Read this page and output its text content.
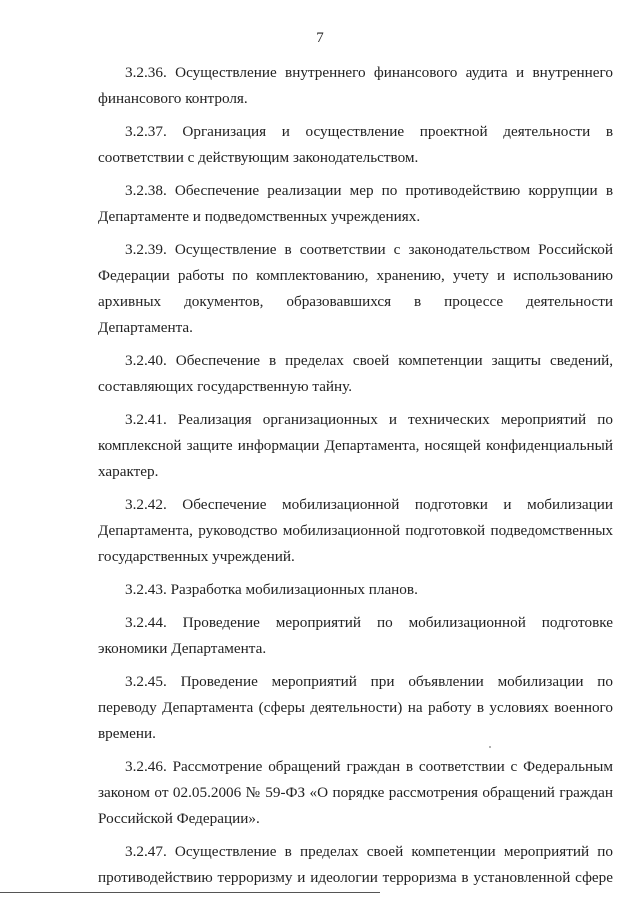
7
3.2.36. Осуществление внутреннего финансового аудита и внутреннего
финансового контроля.
3.2.37. Организация и осуществление проектной деятельности в
соответствии с действующим законодательством.
3.2.38. Обеспечение реализации мер по противодействию коррупции в
Департаменте и подведомственных учреждениях.
3.2.39. Осуществление в соответствии с законодательством Российской
Федерации работы по комплектованию, хранению, учету и использованию
архивных документов, образовавшихся в процессе деятельности
Департамента.
3.2.40. Обеспечение в пределах своей компетенции защиты сведений,
составляющих государственную тайну.
3.2.41. Реализация организационных и технических мероприятий по
комплексной защите информации Департамента, носящей конфиденциальный
характер.
3.2.42. Обеспечение мобилизационной подготовки и мобилизации
Департамента, руководство мобилизационной подготовкой подведомственных
государственных учреждений.
3.2.43. Разработка мобилизационных планов.
3.2.44. Проведение мероприятий по мобилизационной подготовке
экономики Департамента.
3.2.45. Проведение мероприятий при объявлении мобилизации по
переводу Департамента (сферы деятельности) на работу в условиях военного
времени.
3.2.46. Рассмотрение обращений граждан в соответствии с Федеральным
законом от 02.05.2006 № 59-ФЗ «О порядке рассмотрения обращений граждан
Российской Федерации».
3.2.47. Осуществление в пределах своей компетенции мероприятий по
противодействию терроризму и идеологии терроризма в установленной сфере
